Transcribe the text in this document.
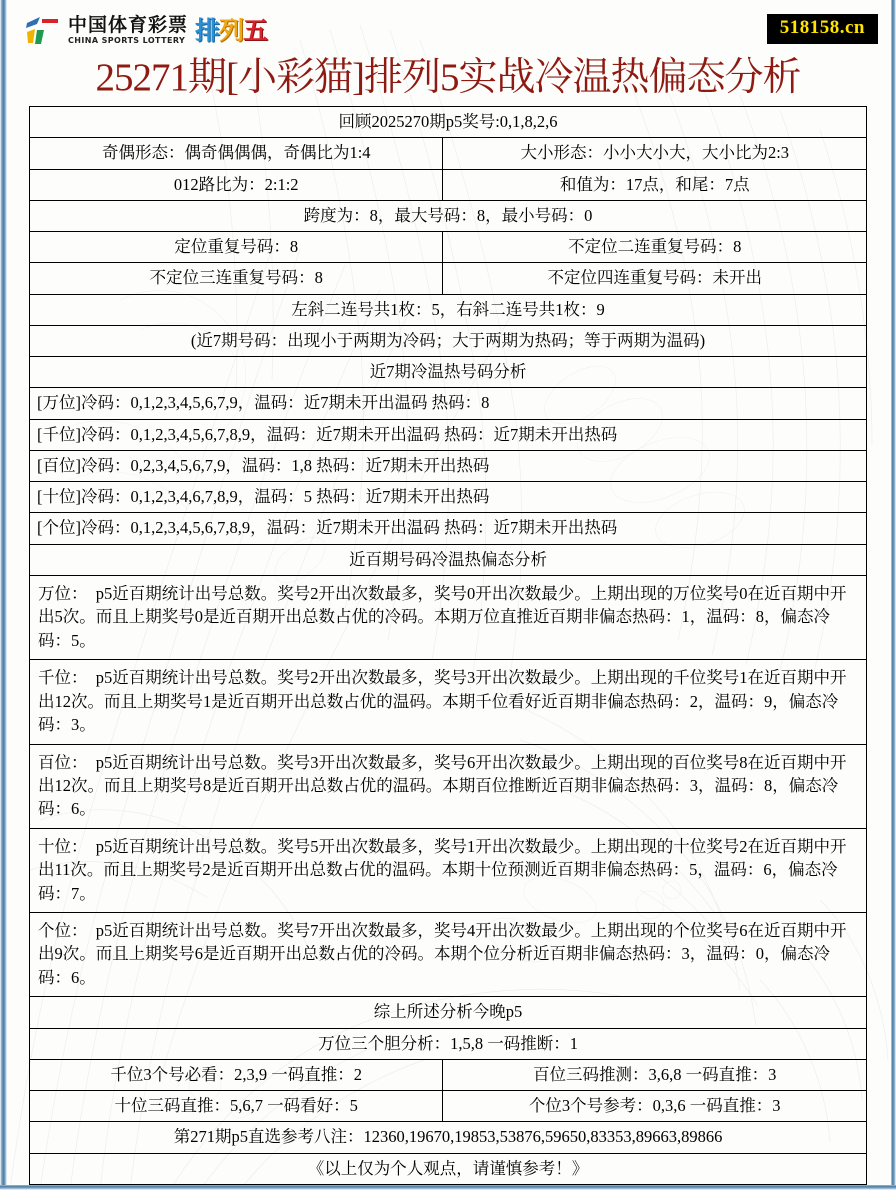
中国体育彩票
CHINA SPORTS LOTTERY 排列五	518158.cn
25271期[小彩猫]排列5实战冷温热偏态分析
回顾2025270期p5奖号:0,1,8,2,6	
奇偶形态：偶奇偶偶偶，奇偶比为1:4	大小形态：小小大小大，大小比为2:3
012路比为：2:1:2	和值为：17点，和尾：7点
跨度为：8，最大号码：8，最小号码：0	
定位重复号码：8	不定位二连重复号码：8
不定位三连重复号码：8	不定位四连重复号码：未开出
左斜二连号共1枚：5，右斜二连号共1枚：9	
(近7期号码：出现小于两期为冷码；大于两期为热码；等于两期为温码)	
近7期冷温热号码分析	
[万位]冷码：0,1,2,3,4,5,6,7,9，温码：近7期未开出温码 热码：8	
[千位]冷码：0,1,2,3,4,5,6,7,8,9，温码：近7期未开出温码 热码：近7期未开出热码	
[百位]冷码：0,2,3,4,5,6,7,9，温码：1,8 热码：近7期未开出热码	
[十位]冷码：0,1,2,3,4,6,7,8,9，温码：5 热码：近7期未开出热码	
[个位]冷码：0,1,2,3,4,5,6,7,8,9，温码：近7期未开出温码 热码：近7期未开出热码	
近百期号码冷温热偏态分析	
万位：　p5近百期统计出号总数。奖号2开出次数最多，奖号0开出次数最少。上期出现的万位奖号0在近百期中开出5次。而且上期奖号0是近百期开出总数占优的冷码。本期万位直推近百期非偏态热码：1，温码：8，偏态冷码：5。	
千位：　p5近百期统计出号总数。奖号2开出次数最多，奖号3开出次数最少。上期出现的千位奖号1在近百期中开出12次。而且上期奖号1是近百期开出总数占优的温码。本期千位看好近百期非偏态热码：2，温码：9，偏态冷码：3。	
百位：　p5近百期统计出号总数。奖号3开出次数最多，奖号6开出次数最少。上期出现的百位奖号8在近百期中开出12次。而且上期奖号8是近百期开出总数占优的温码。本期百位推断近百期非偏态热码：3，温码：8，偏态冷码：6。	
十位：　p5近百期统计出号总数。奖号5开出次数最多，奖号1开出次数最少。上期出现的十位奖号2在近百期中开出11次。而且上期奖号2是近百期开出总数占优的温码。本期十位预测近百期非偏态热码：5，温码：6，偏态冷码：7。	
个位：　p5近百期统计出号总数。奖号7开出次数最多，奖号4开出次数最少。上期出现的个位奖号6在近百期中开出9次。而且上期奖号6是近百期开出总数占优的冷码。本期个位分析近百期非偏态热码：3，温码：0，偏态冷码：6。	
综上所述分析今晚p5	
万位三个胆分析：1,5,8 一码推断：1	
千位3个号必看：2,3,9 一码直推：2	百位三码推测：3,6,8 一码直推：3
十位三码直推：5,6,7 一码看好：5	个位3个号参考：0,3,6 一码直推：3
第271期p5直选参考八注：12360,19670,19853,53876,59650,83353,89663,89866	
《以上仅为个人观点，请谨慎参考！》	
